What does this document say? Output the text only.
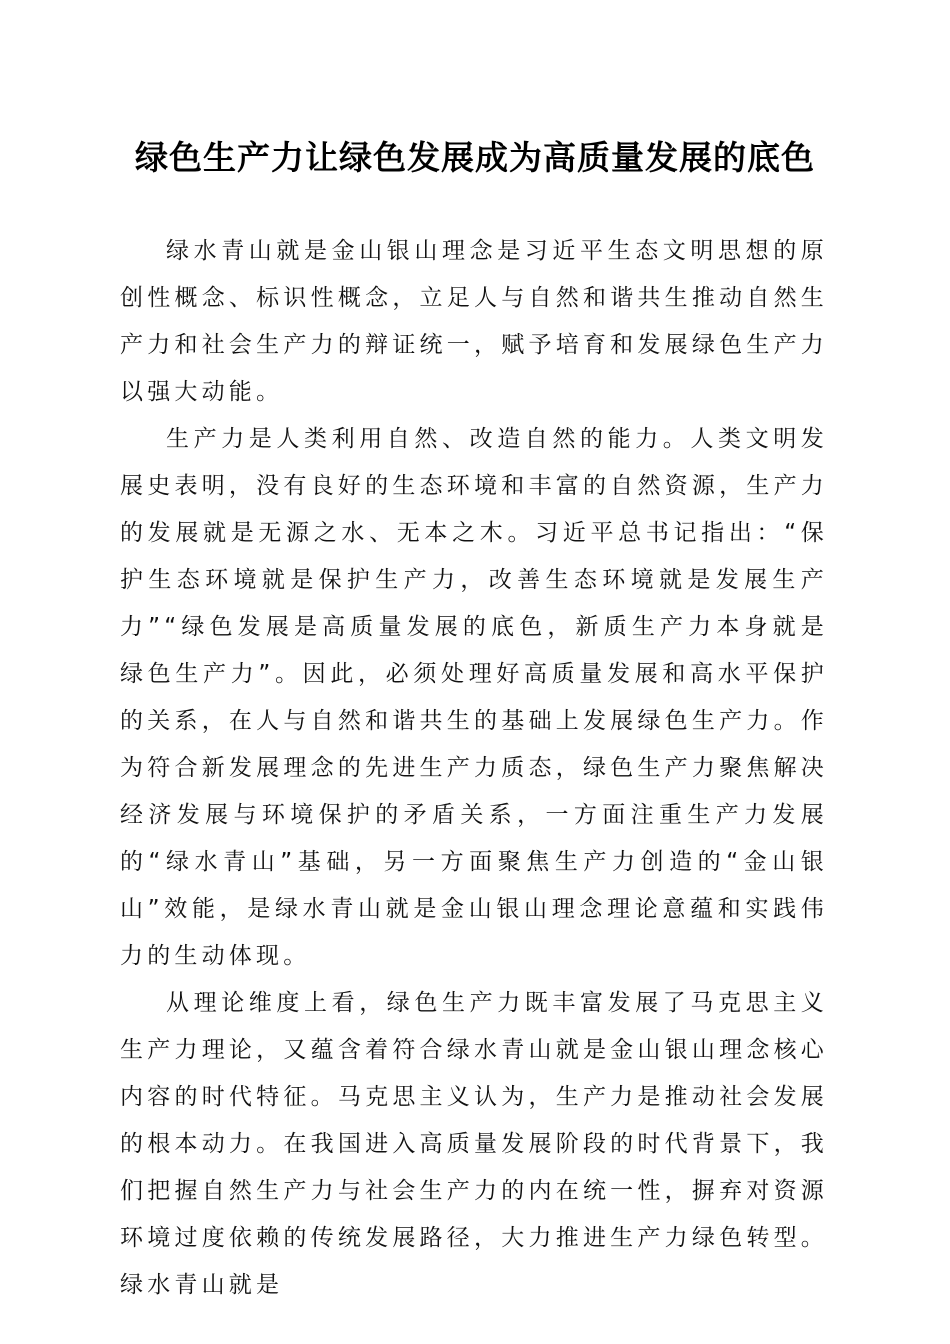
绿色生产力让绿色发展成为高质量发展的底色

绿水青山就是金山银山理念是习近平生态文明思想的原创性概念、标识性概念，立足人与自然和谐共生推动自然生产力和社会生产力的辩证统一，赋予培育和发展绿色生产力以强大动能。

生产力是人类利用自然、改造自然的能力。人类文明发展史表明，没有良好的生态环境和丰富的自然资源，生产力的发展就是无源之水、无本之木。习近平总书记指出：“保护生态环境就是保护生产力，改善生态环境就是发展生产力”“绿色发展是高质量发展的底色，新质生产力本身就是绿色生产力”。因此，必须处理好高质量发展和高水平保护的关系，在人与自然和谐共生的基础上发展绿色生产力。作为符合新发展理念的先进生产力质态，绿色生产力聚焦解决经济发展与环境保护的矛盾关系，一方面注重生产力发展的“绿水青山”基础，另一方面聚焦生产力创造的“金山银山”效能，是绿水青山就是金山银山理念理论意蕴和实践伟力的生动体现。

从理论维度上看，绿色生产力既丰富发展了马克思主义生产力理论，又蕴含着符合绿水青山就是金山银山理念核心内容的时代特征。马克思主义认为，生产力是推动社会发展的根本动力。在我国进入高质量发展阶段的时代背景下，我们把握自然生产力与社会生产力的内在统一性，摒弃对资源环境过度依赖的传统发展路径，大力推进生产力绿色转型。绿水青山就是
